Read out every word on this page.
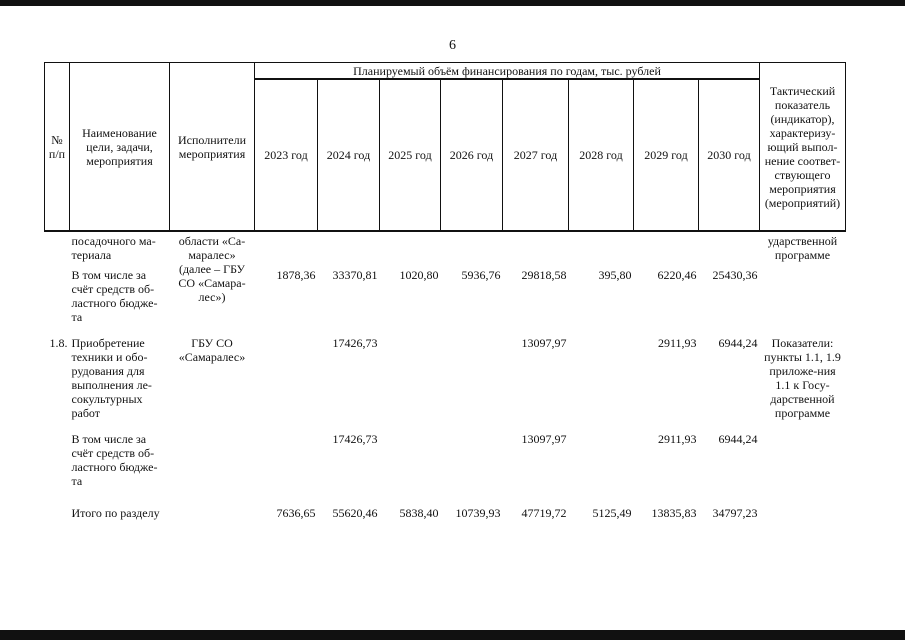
6
№ п/п	Наименование цели, задачи, мероприятия	Исполнители мероприятия	Планируемый объём финансирования по годам, тыс. рублей								Тактический показатель (индикатор), характеризу-ющий выпол-нение соответ-ствующего мероприятия (мероприятий)
			2023 год	2024 год	2025 год	2026 год	2027 год	2028 год	2029 год	2030 год	
	посадочного ма-териала	области «Са-маралес» (далее – ГБУ СО «Самара-лес»)									ударственной программе
	В том числе за счёт средств об-ластного бюдже-та		1878,36	33370,81	1020,80	5936,76	29818,58	395,80	6220,46	25430,36	

1.8.	Приобретение техники и обо-рудования для выполнения ле-сокультурных работ	ГБУ СО «Самаралес»		17426,73			13097,97		2911,93	6944,24	Показатели: пункты 1.1, 1.9 приложе-ния 1.1 к Госу-дарственной программе

	В том числе за счёт средств об-ластного бюдже-та			17426,73			13097,97		2911,93	6944,24	

	Итого по разделу		7636,65	55620,46	5838,40	10739,93	47719,72	5125,49	13835,83	34797,23	
